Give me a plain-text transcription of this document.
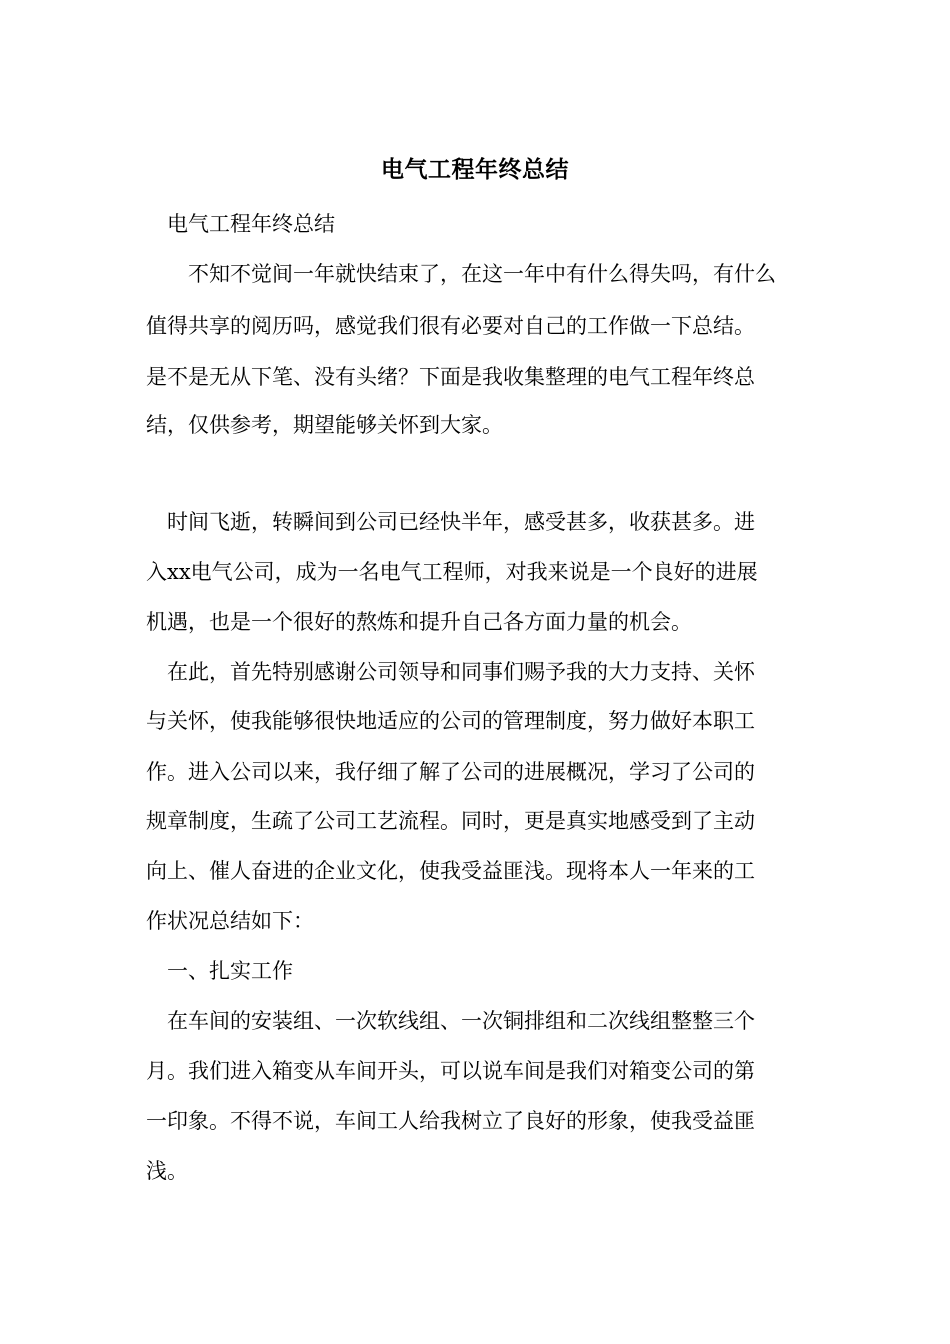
电气工程年终总结
　电气工程年终总结
　　不知不觉间一年就快结束了，在这一年中有什么得失吗，有什么
值得共享的阅历吗，感觉我们很有必要对自己的工作做一下总结。
是不是无从下笔、没有头绪？下面是我收集整理的电气工程年终总
结，仅供参考，期望能够关怀到大家。
　时间飞逝，转瞬间到公司已经快半年，感受甚多，收获甚多。进
入xx电气公司，成为一名电气工程师，对我来说是一个良好的进展
机遇，也是一个很好的熬炼和提升自己各方面力量的机会。
　在此，首先特别感谢公司领导和同事们赐予我的大力支持、关怀
与关怀，使我能够很快地适应的公司的管理制度，努力做好本职工
作。进入公司以来，我仔细了解了公司的进展概况，学习了公司的
规章制度，生疏了公司工艺流程。同时，更是真实地感受到了主动
向上、催人奋进的企业文化，使我受益匪浅。现将本人一年来的工
作状况总结如下：
　一、扎实工作
　在车间的安装组、一次软线组、一次铜排组和二次线组整整三个
月。我们进入箱变从车间开头，可以说车间是我们对箱变公司的第
一印象。不得不说，车间工人给我树立了良好的形象，使我受益匪
浅。
